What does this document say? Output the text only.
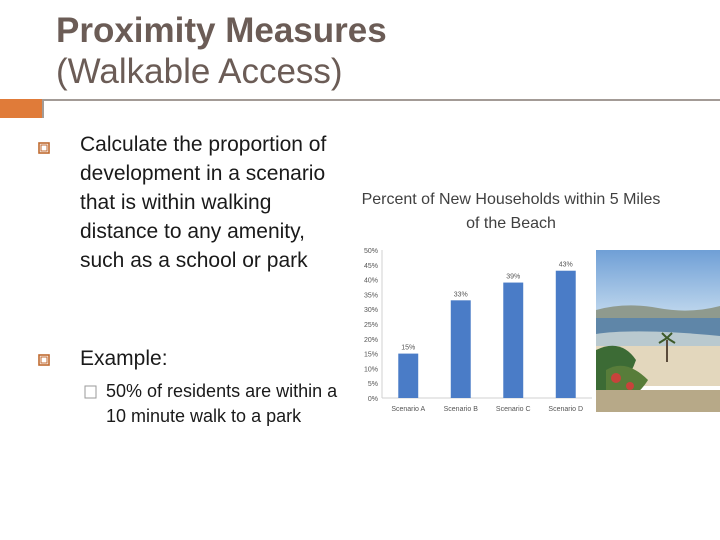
Proximity Measures
(Walkable Access)
Calculate the proportion of development in a scenario that is within walking distance to any amenity, such as a school or park
Example:
50% of residents are within a 10 minute walk to a park
Percent of New Households within 5 Miles of the Beach
0%
5%
10%
15%
20%
25%
30%
35%
40%
45%
50%
15%
Scenario A
33%
Scenario B
39%
Scenario C
43%
Scenario D
